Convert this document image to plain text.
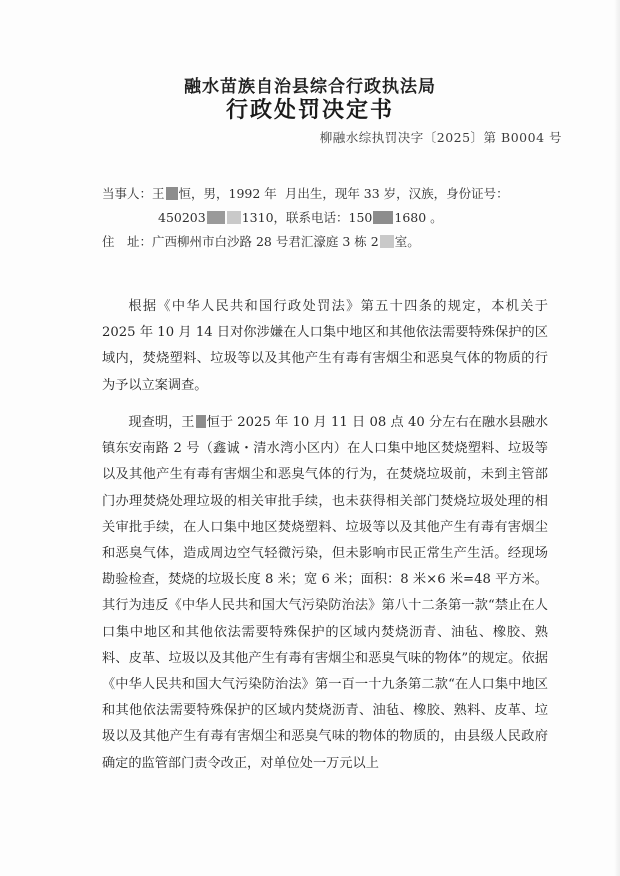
融水苗族自治县综合行政执法局
行政处罚决定书
柳融水综执罚决字〔2025〕第 B0004 号
当事人：王 恒，男，1992 年 月出生，现年 33 岁，汉族，身份证号：
450203	1310，联系电话：150 1680 。
住　址：广西柳州市白沙路 28 号君汇濠庭 3 栋 2 室。

根据《中华人民共和国行政处罚法》第五十四条的规定，本机关于 2025 年 10 月 14 日对你涉嫌在人口集中地区和其他依法需要特殊保护的区域内，焚烧塑料、垃圾等以及其他产生有毒有害烟尘和恶臭气体的物质的行为予以立案调查。

现查明，王 恒于 2025 年 10 月 11 日 08 点 40 分左右在融水县融水镇东安南路 2 号（鑫诚・清水湾小区内）在人口集中地区焚烧塑料、垃圾等以及其他产生有毒有害烟尘和恶臭气体的行为，在焚烧垃圾前，未到主管部门办理焚烧处理垃圾的相关审批手续，也未获得相关部门焚烧垃圾处理的相关审批手续，在人口集中地区焚烧塑料、垃圾等以及其他产生有毒有害烟尘和恶臭气体，造成周边空气轻微污染，但未影响市民正常生产生活。经现场勘验检查，焚烧的垃圾长度 8 米；宽 6 米；面积：8 米×6 米=48 平方米。其行为违反《中华人民共和国大气污染防治法》第八十二条第一款“禁止在人口集中地区和其他依法需要特殊保护的区域内焚烧沥青、油毡、橡胶、熟料、皮革、垃圾以及其他产生有毒有害烟尘和恶臭气味的物体”的规定。依据《中华人民共和国大气污染防治法》第一百一十九条第二款“在人口集中地区和其他依法需要特殊保护的区域内焚烧沥青、油毡、橡胶、熟料、皮革、垃圾以及其他产生有毒有害烟尘和恶臭气味的物体的物质的，由县级人民政府确定的监管部门责令改正，对单位处一万元以上
